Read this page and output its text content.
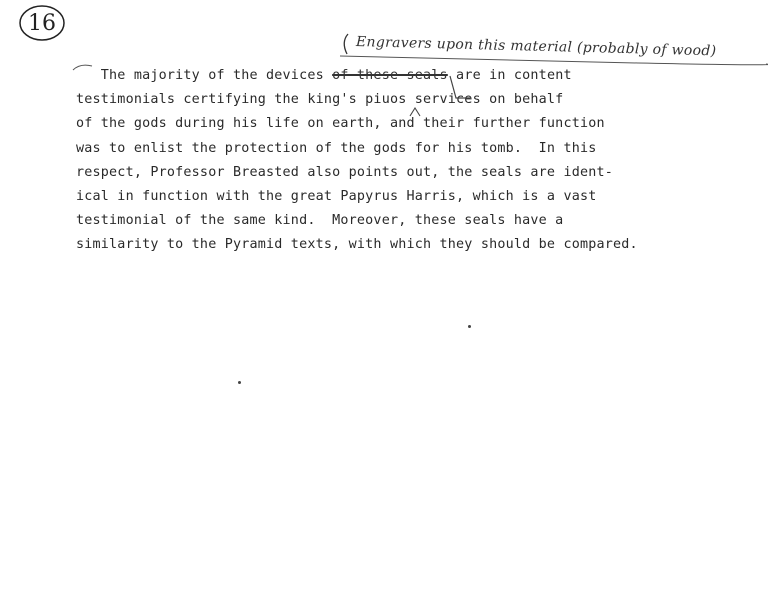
16
Engravers upon this material (probably of wood)
The majority of the devices of these seals are in content
testimonials certifying the king's piuos services on behalf
of the gods during his life on earth, and their further function
was to enlist the protection of the gods for his tomb.  In this
respect, Professor Breasted also points out, the seals are ident-
ical in function with the great Papyrus Harris, which is a vast
testimonial of the same kind.  Moreover, these seals have a
similarity to the Pyramid texts, with which they should be compared.
